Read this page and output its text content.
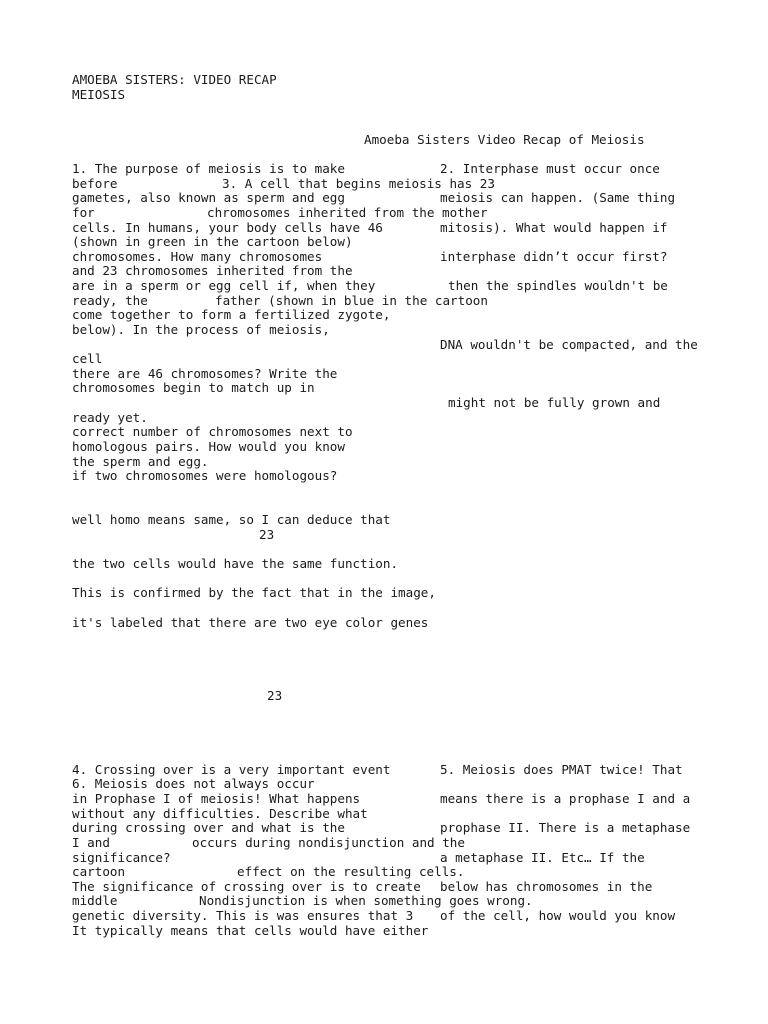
AMOEBA SISTERS: VIDEO RECAP

MEIOSIS

Amoeba Sisters Video Recap of Meiosis

1. The purpose of meiosis is to make	2. Interphase must occur once

before	3. A cell that begins meiosis has 23

gametes, also known as sperm and egg	meiosis can happen. (Same thing

for	chromosomes inherited from the mother

cells. In humans, your body cells have 46	mitosis). What would happen if

(shown in green in the cartoon below)

chromosomes. How many chromosomes	interphase didn’t occur first?

and 23 chromosomes inherited from the

are in a sperm or egg cell if, when they	then the spindles wouldn't be

ready, the	father (shown in blue in the cartoon

come together to form a fertilized zygote,

below). In the process of meiosis,

DNA wouldn't be compacted, and the

cell

there are 46 chromosomes? Write the

chromosomes begin to match up in

might not be fully grown and

ready yet.

correct number of chromosomes next to

homologous pairs. How would you know

the sperm and egg.

if two chromosomes were homologous?

well homo means same, so I can deduce that

23

the two cells would have the same function.

This is confirmed by the fact that in the image,

it's labeled that there are two eye color genes

23

4. Crossing over is a very important event	5. Meiosis does PMAT twice! That

6. Meiosis does not always occur

in Prophase I of meiosis! What happens	means there is a prophase I and a

without any difficulties. Describe what

during crossing over and what is the	prophase II. There is a metaphase

I and	occurs during nondisjunction and the

significance?	a metaphase II. Etc… If the

cartoon	effect on the resulting cells.

The significance of crossing over is to create below has chromosomes in the

middle	Nondisjunction is when something goes wrong.

genetic diversity. This is was ensures that 3 of the cell, how would you know

It typically means that cells would have either
